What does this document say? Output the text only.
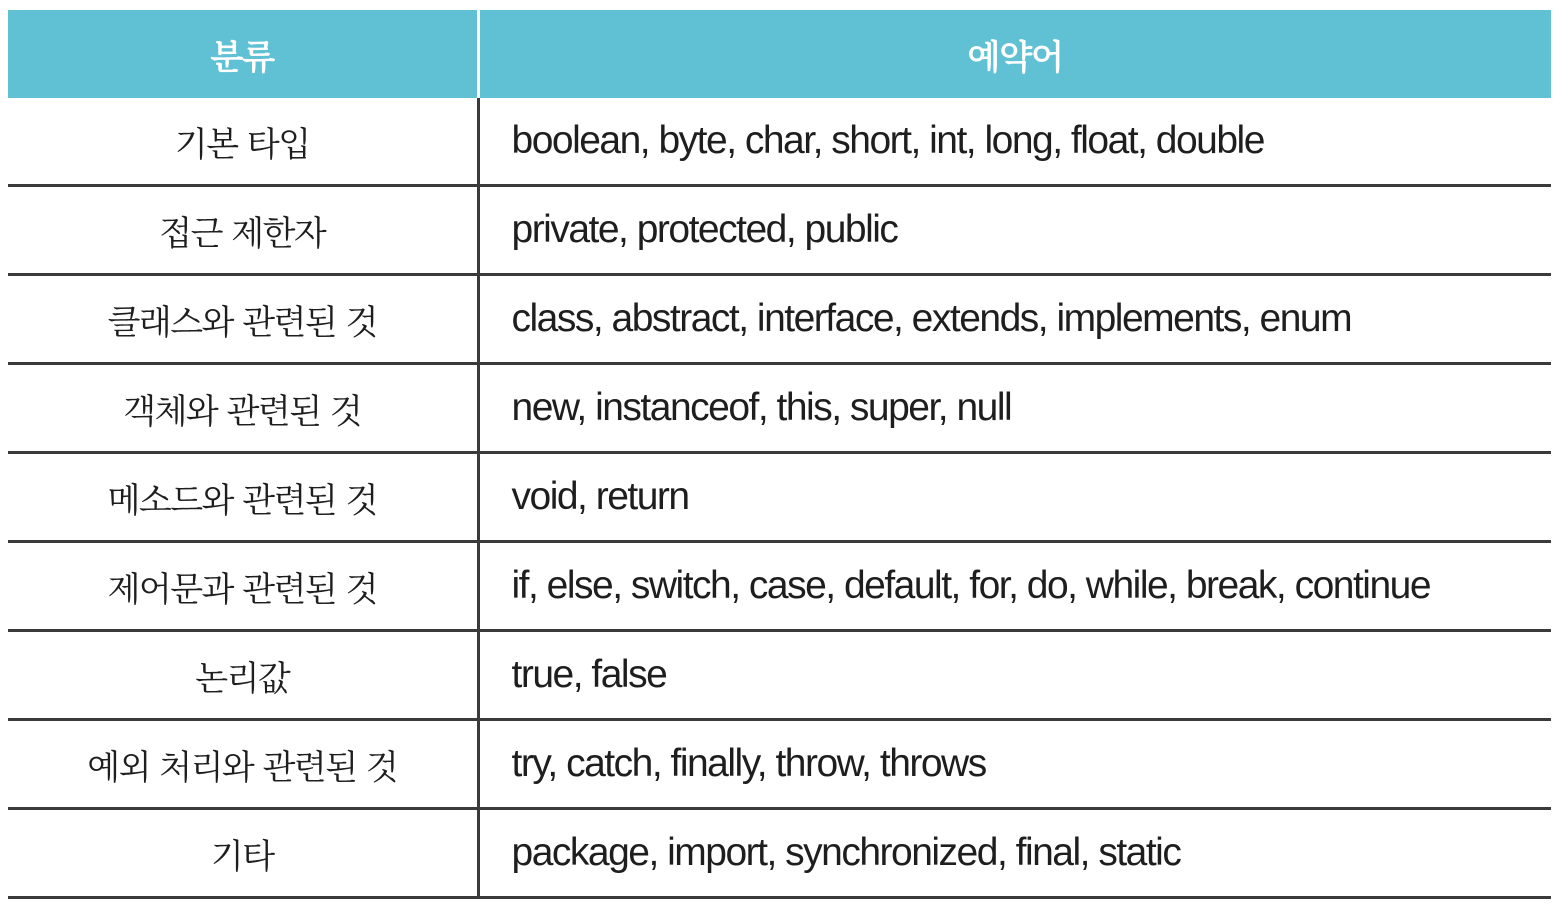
분류	예약어
기본 타입	boolean, byte, char, short, int, long, float, double
접근 제한자	private, protected, public
클래스와 관련된 것	class, abstract, interface, extends, implements, enum
객체와 관련된 것	new, instanceof, this, super, null
메소드와 관련된 것	void, return
제어문과 관련된 것	if, else, switch, case, default, for, do, while, break, continue
논리값	true, false
예외 처리와 관련된 것	try, catch, finally, throw, throws
기타	package, import, synchronized, final, static
